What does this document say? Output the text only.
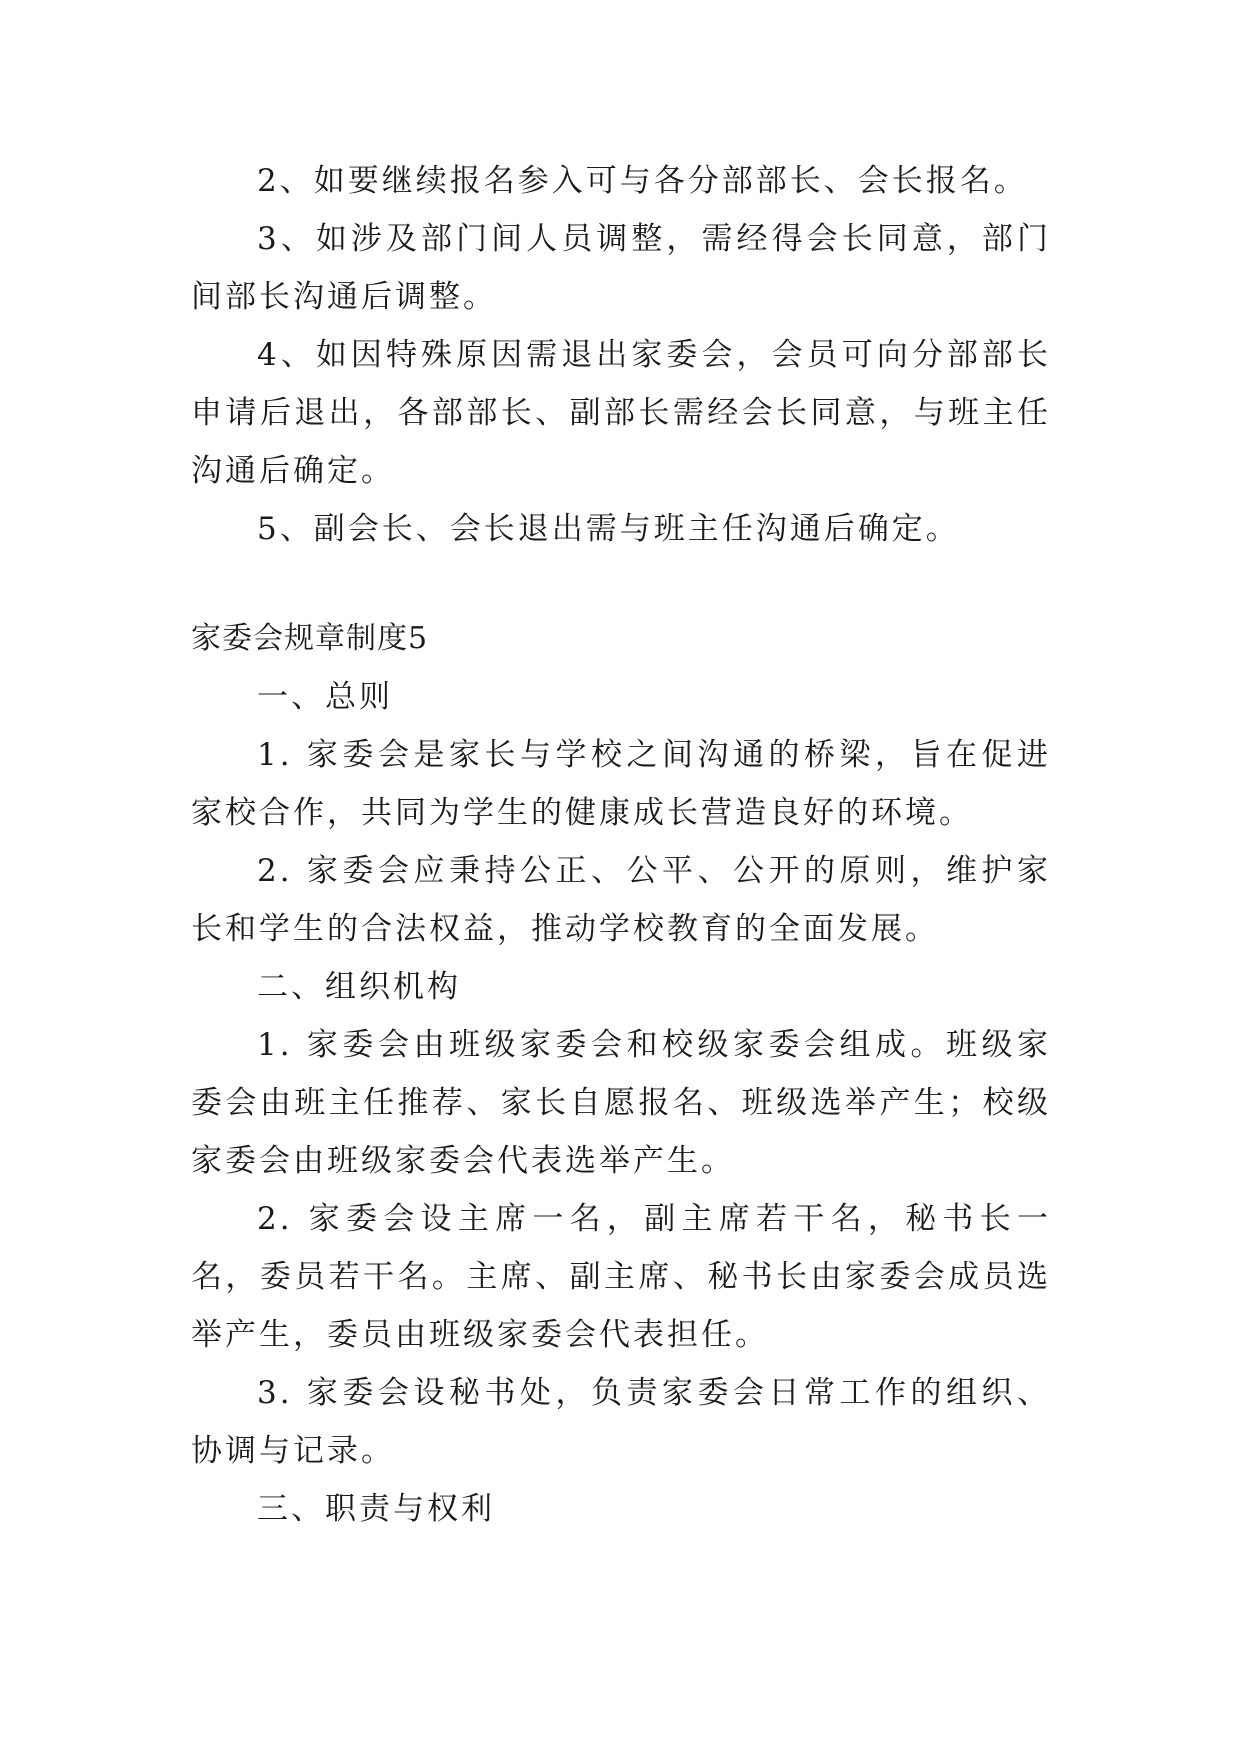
2、如要继续报名参入可与各分部部长、会长报名。

3、如涉及部门间人员调整，需经得会长同意，部门间部长沟通后调整。

4、如因特殊原因需退出家委会，会员可向分部部长申请后退出，各部部长、副部长需经会长同意，与班主任沟通后确定。

5、副会长、会长退出需与班主任沟通后确定。

家委会规章制度5

一、总则

1. 家委会是家长与学校之间沟通的桥梁，旨在促进家校合作，共同为学生的健康成长营造良好的环境。

2. 家委会应秉持公正、公平、公开的原则，维护家长和学生的合法权益，推动学校教育的全面发展。

二、组织机构

1. 家委会由班级家委会和校级家委会组成。班级家委会由班主任推荐、家长自愿报名、班级选举产生；校级家委会由班级家委会代表选举产生。

2. 家委会设主席一名，副主席若干名，秘书长一名，委员若干名。主席、副主席、秘书长由家委会成员选举产生，委员由班级家委会代表担任。

3. 家委会设秘书处，负责家委会日常工作的组织、协调与记录。

三、职责与权利
